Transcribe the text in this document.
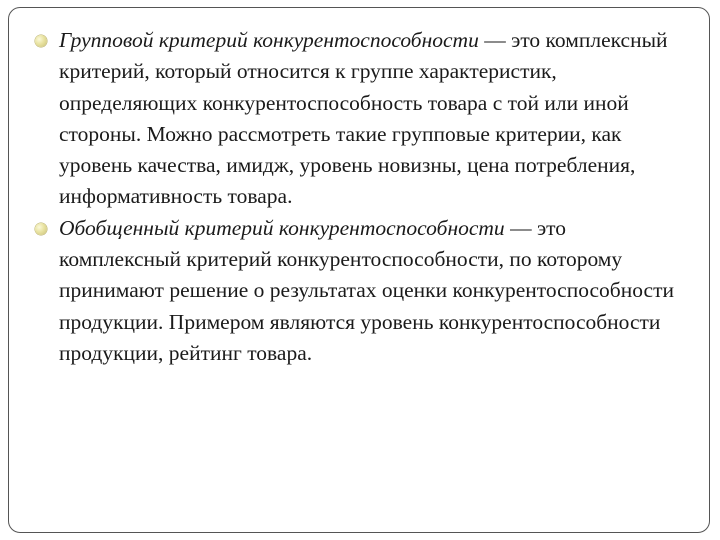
Групповой критерий конкурентоспособности — это комплексный критерий, который относится к группе характеристик, определяющих конкурентоспособность товара с той или иной стороны. Можно рассмотреть такие групповые критерии, как уровень качества, имидж, уровень новизны, цена потребления, информативность товара.

Обобщенный критерий конкурентоспособности — это комплексный критерий конкурентоспособности, по которому принимают решение о результатах оценки конкурентоспособности продукции. Примером являются уровень конкурентоспособности продукции, рейтинг товара.
